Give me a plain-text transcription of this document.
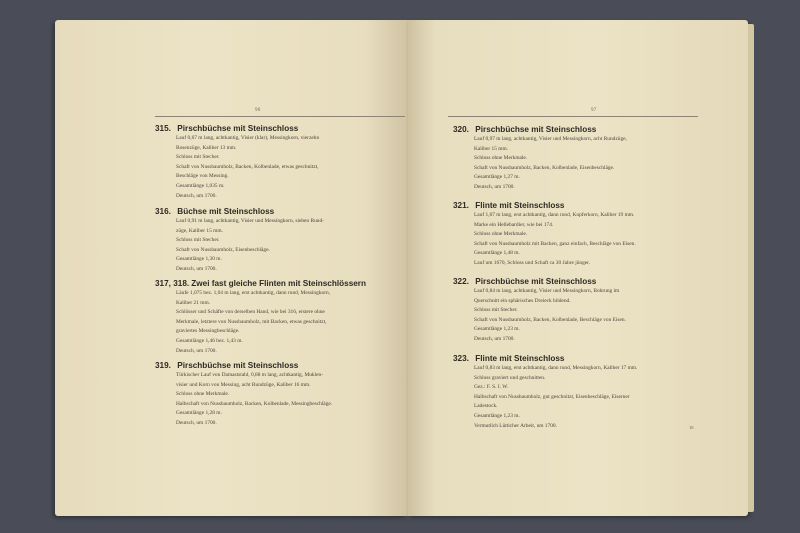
96
315. Pirschbüchse mit Steinschloss
Lauf 0,67 m lang, achtkantig, Visier (klar), Messingkorn, vierzehn
Rosenzüge, Kaliber 13 mm.
Schloss mit Stecher.
Schaft von Nussbaumholz, Backen, Kolbenlade, etwas geschnitzt,
Beschläge von Messing.
Gesamtlänge 1,035 m.
Deutsch, um 1700.
316. Büchse mit Steinschloss
Lauf 0,91 m lang, achtkantig, Visier und Messingkorn, sieben Rund-
züge, Kaliber 15 mm.
Schloss mit Stecher.
Schaft von Nussbaumholz, Eisenbeschläge.
Gesamtlänge 1,30 m.
Deutsch, um 1700.
317, 318. Zwei fast gleiche Flinten mit Steinschlössern
Läufe 1,075 bez. 1,04 m lang, erst achtkantig, dann rund, Messingkorn,
Kaliber 21 mm.
Schlösser und Schäfte von derselben Hand, wie bei 316, erstere ohne
Merkmale, letztere von Nussbaumholz, mit Backen, etwas geschnitzt,
graviertes Messingbeschläge.
Gesamtlänge 1,46 bez. 1,43 m.
Deutsch, um 1700.
319. Pirschbüchse mit Steinschloss
Türkischer Lauf von Damaststahl, 0,88 m lang, achtkantig, Muklen-
visier und Korn von Messing, acht Rundzüge, Kaliber 16 mm.
Schloss ohne Merkmale.
Halbschaft von Nussbaumholz, Backen, Kolbenlade, Messingbeschläge.
Gesamtlänge 1,28 m.
Deutsch, um 1700.
97
320. Pirschbüchse mit Steinschloss
Lauf 0,97 m lang, achtkantig, Visier und Messingkorn, acht Rundzüge,
Kaliber 15 mm.
Schloss ohne Merkmale.
Schaft von Nussbaumholz, Backen, Kolbenlade, Eisenbeschläge.
Gesamtlänge 1,27 m.
Deutsch, um 1700.
321. Flinte mit Steinschloss
Lauf 1,07 m lang, erst achtkantig, dann rund, Kupferkorn, Kaliber 19 mm.
Marke ein Hellebardier, wie bei 174.
Schloss ohne Merkmale.
Schaft von Nussbaumholz mit Backen, ganz einfach, Beschläge von Eisen.
Gesamtlänge 1,48 m.
Lauf um 1670, Schloss und Schaft ca 30 Jahre jünger.
322. Pirschbüchse mit Steinschloss
Lauf 0,84 m lang, achtkantig, Visier und Messingkorn, Bohrung im
Querschnitt ein sphärisches Dreieck bildend.
Schloss mit Stecher.
Schaft von Nussbaumholz, Backen, Kolbenlade, Beschläge von Eisen.
Gesamtlänge 1,23 m.
Deutsch, um 1700.
323. Flinte mit Steinschloss
Lauf 0,83 m lang, erst achtkantig, dann rund, Messingkorn, Kaliber 17 mm.
Schloss graviert und geschnitten.
Gez.: F. S. I. W.
Halbschaft von Nussbaumholz, gut geschnitzt, Eisenbeschläge, Eiserner
Ladestock.
Gesamtlänge 1,23 m.
Vermutlich Lütticher Arbeit, um 1700.	18
